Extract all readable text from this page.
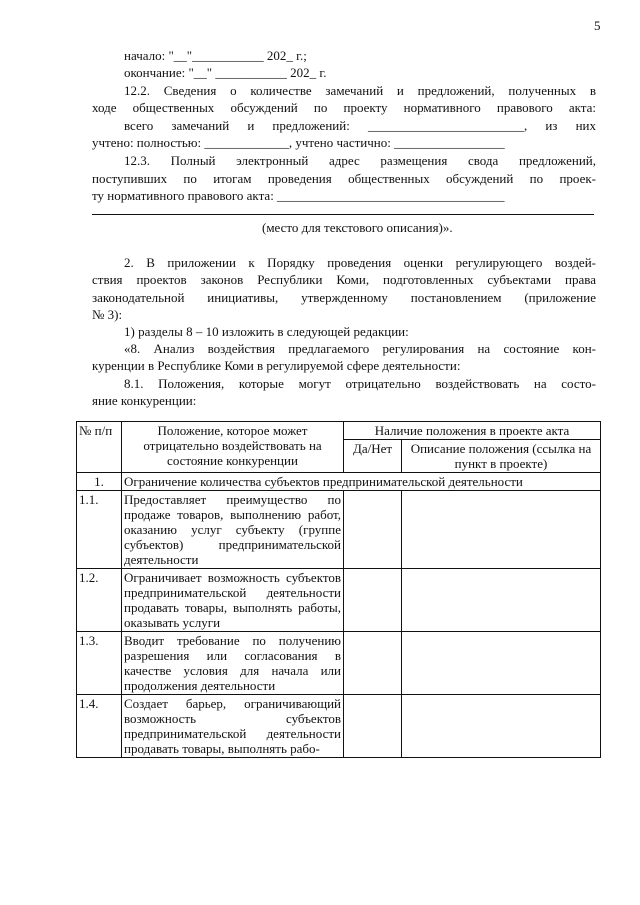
5
начало: "__"___________ 202_ г.;
окончание: "__" ___________ 202_ г.
12.2. Сведения о количестве замечаний и предложений, полученных в
ходе общественных обсуждений по проекту нормативного правового акта:
всего замечаний и предложений: ________________________, из них
учтено: полностью: _____________, учтено частично: _________________
12.3. Полный электронный адрес размещения свода предложений,
поступивших по итогам проведения общественных обсуждений по проек-
ту нормативного правового акта: ___________________________________
(место для текстового описания)».
2. В приложении к Порядку проведения оценки регулирующего воздей-
ствия проектов законов Республики Коми, подготовленных субъектами права
законодательной инициативы, утвержденному постановлением (приложение
№ 3):
1) разделы 8 – 10 изложить в следующей редакции:
«8. Анализ воздействия предлагаемого регулирования на состояние кон-
куренции в Республике Коми в регулируемой сфере деятельности:
8.1. Положения, которые могут отрицательно воздействовать на состо-
яние конкуренции:
№ п/п	Положение, которое может отрицательно воздействовать на состояние конкуренции	Наличие положения в проекте акта	
		Да/Нет	Описание положения (ссылка на пункт в проекте)
1.	Ограничение количества субъектов предпринимательской деятельности		
1.1.	Предоставляет преимущество по продаже товаров, выполнению работ, оказанию услуг субъекту (группе субъектов) предпринимательской деятельности		
1.2.	Ограничивает возможность субъектов предпринимательской деятельности продавать товары, выполнять работы, оказывать услуги		
1.3.	Вводит требование по получению разрешения или согласования в качестве условия для начала или продолжения деятельности		
1.4.	Создает барьер, ограничивающий возможность субъектов предпринимательской деятельности продавать товары, выполнять рабо-		
